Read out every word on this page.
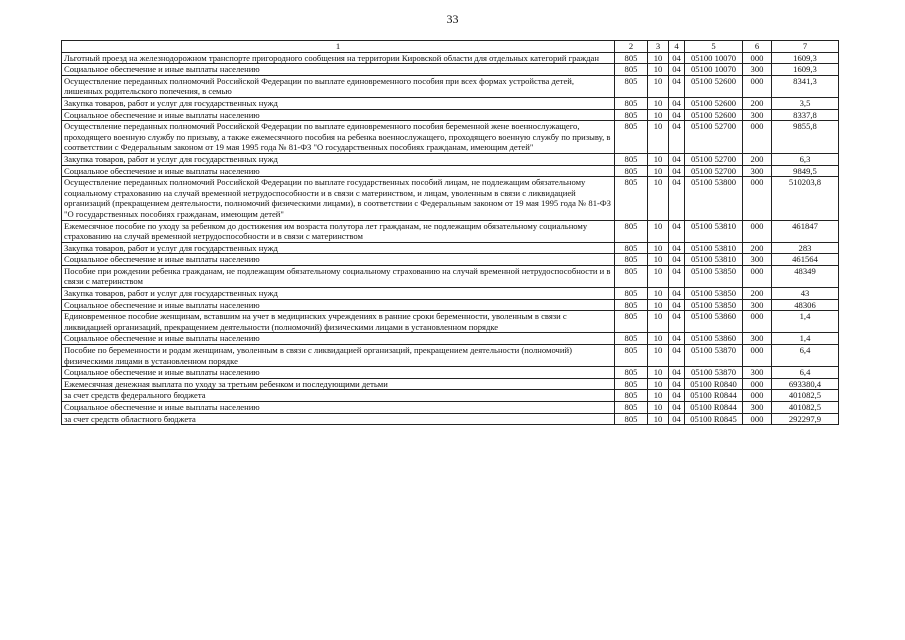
33
1	2	3	4	5	6	7
Льготный проезд на железнодорожном транспорте пригородного сообщения на территории Кировской области для отдельных категорий граждан	805	10	04	05100 10070	000	1609,3
Социальное обеспечение и иные выплаты населению	805	10	04	05100 10070	300	1609,3
Осуществление переданных полномочий Российской Федерации по выплате единовременного пособия при всех формах устройства детей, лишенных родительского попечения, в семью	805	10	04	05100 52600	000	8341,3
Закупка товаров, работ и услуг для государственных нужд	805	10	04	05100 52600	200	3,5
Социальное обеспечение и иные выплаты населению	805	10	04	05100 52600	300	8337,8
Осуществление переданных полномочий Российской Федерации по выплате единовременного пособия беременной жене военнослужащего, проходящего военную службу по призыву, а также ежемесячного пособия на ребенка военнослужащего, проходящего военную службу по призыву, в соответствии с Федеральным законом от 19 мая 1995 года № 81-ФЗ "О государственных пособиях гражданам, имеющим детей"	805	10	04	05100 52700	000	9855,8
Закупка товаров, работ и услуг для государственных нужд	805	10	04	05100 52700	200	6,3
Социальное обеспечение и иные выплаты населению	805	10	04	05100 52700	300	9849,5
Осуществление переданных полномочий Российской Федерации по выплате государственных пособий лицам, не подлежащим обязательному социальному страхованию на случай временной нетрудоспособности и в связи с материнством, и лицам, уволенным в связи с ликвидацией организаций (прекращением деятельности, полномочий физическими лицами), в соответствии с Федеральным законом от 19 мая 1995 года № 81-ФЗ "О государственных пособиях гражданам, имеющим детей"	805	10	04	05100 53800	000	510203,8
Ежемесячное пособие по уходу за ребенком до достижения им возраста полутора лет гражданам, не подлежащим обязательному социальному страхованию на случай временной нетрудоспособности и в связи с материнством	805	10	04	05100 53810	000	461847
Закупка товаров, работ и услуг для государственных нужд	805	10	04	05100 53810	200	283
Социальное обеспечение и иные выплаты населению	805	10	04	05100 53810	300	461564
Пособие при рождении ребенка гражданам, не подлежащим обязательному социальному страхованию на случай временной нетрудоспособности и в связи с материнством	805	10	04	05100 53850	000	48349
Закупка товаров, работ и услуг для государственных нужд	805	10	04	05100 53850	200	43
Социальное обеспечение и иные выплаты населению	805	10	04	05100 53850	300	48306
Единовременное пособие женщинам, вставшим на учет в медицинских учреждениях в ранние сроки беременности, уволенным в связи с ликвидацией организаций, прекращением деятельности (полномочий) физическими лицами в установленном порядке	805	10	04	05100 53860	000	1,4
Социальное обеспечение и иные выплаты населению	805	10	04	05100 53860	300	1,4
Пособие по беременности и родам женщинам, уволенным в связи с ликвидацией организаций, прекращением деятельности (полномочий) физическими лицами в установленном порядке	805	10	04	05100 53870	000	6,4
Социальное обеспечение и иные выплаты населению	805	10	04	05100 53870	300	6,4
Ежемесячная денежная выплата по уходу за третьим ребенком и последующими детьми	805	10	04	05100 R0840	000	693380,4
за счет средств федерального бюджета	805	10	04	05100 R0844	000	401082,5
Социальное обеспечение и иные выплаты населению	805	10	04	05100 R0844	300	401082,5
за счет средств областного бюджета	805	10	04	05100 R0845	000	292297,9
